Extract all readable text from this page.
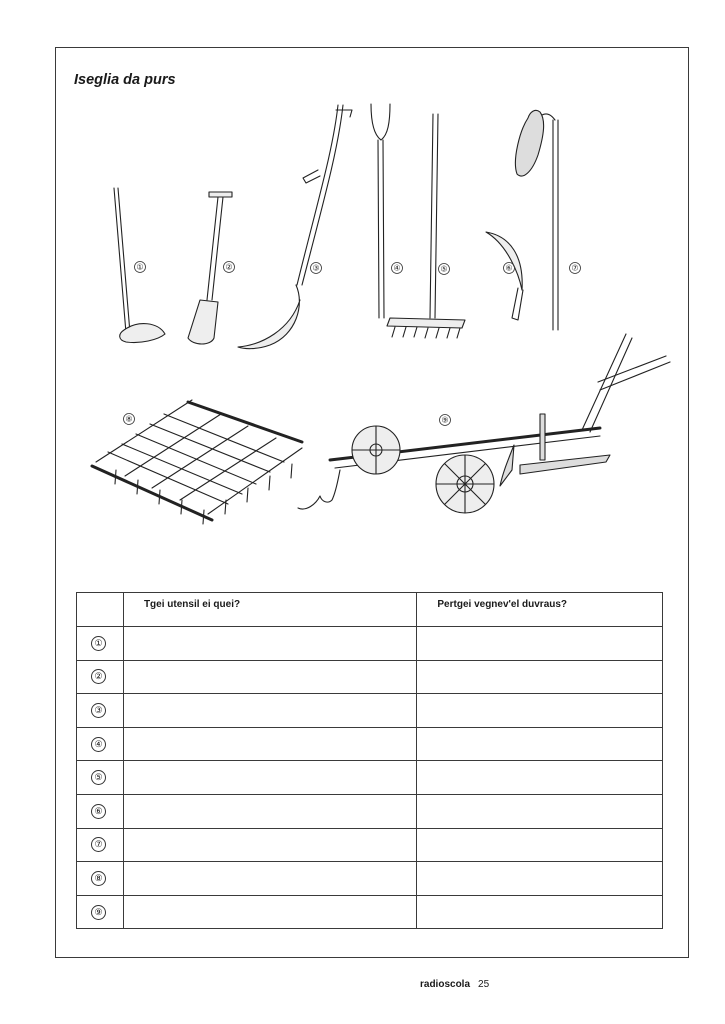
Iseglia da purs
①	②	③	④	⑤	⑥	⑦
⑧	⑨
	Tgei utensil ei quei?	Pertgei vegnev'el duvraus?
①		
②		
③		
④		
⑤		
⑥		
⑦		
⑧		
⑨		
radioscola 25
